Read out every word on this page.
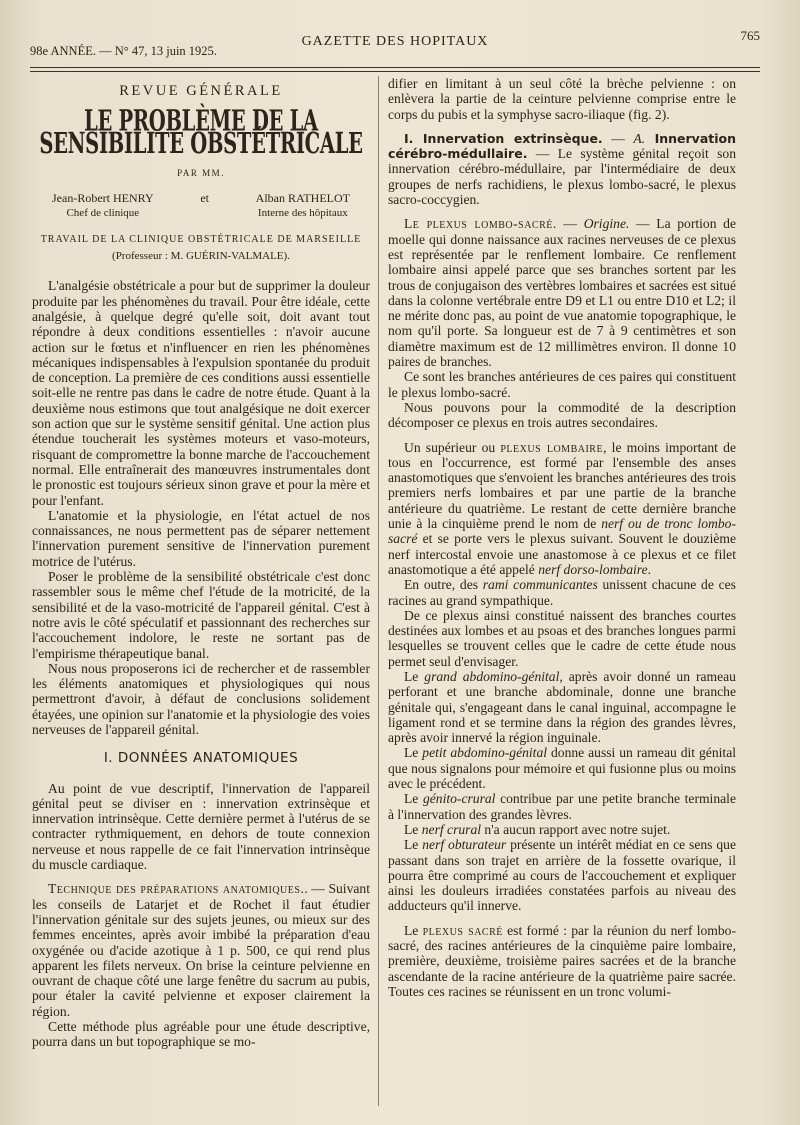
98e ANNÉE. — N° 47, 13 juin 1925.
GAZETTE DES HOPITAUX	765
REVUE GÉNÉRALE
LE PROBLÈME DE LA SENSIBILITÉ OBSTÉTRICALE
PAR MM.
Jean-Robert HENRY
Chef de clinique
et	Alban RATHELOT
Interne des hôpitaux
TRAVAIL DE LA CLINIQUE OBSTÉTRICALE DE MARSEILLE
(Professeur : M. GUÉRIN-VALMALE).

L'analgésie obstétricale a pour but de supprimer la douleur produite par les phénomènes du travail. Pour être idéale, cette analgésie, à quelque degré qu'elle soit, doit avant tout répondre à deux conditions essentielles : n'avoir aucune action sur le fœtus et n'influencer en rien les phénomènes mécaniques indispensables à l'expulsion spontanée du produit de conception. La première de ces conditions aussi essentielle soit-elle ne rentre pas dans le cadre de notre étude. Quant à la deuxième nous estimons que tout analgésique ne doit exercer son action que sur le système sensitif génital. Une action plus étendue toucherait les systèmes moteurs et vaso-moteurs, risquant de compromettre la bonne marche de l'accouchement normal. Elle entraînerait des manœuvres instrumentales dont le pronostic est toujours sérieux sinon grave et pour la mère et pour l'enfant.

L'anatomie et la physiologie, en l'état actuel de nos connaissances, ne nous permettent pas de séparer nettement l'innervation purement sensitive de l'innervation purement motrice de l'utérus.

Poser le problème de la sensibilité obstétricale c'est donc rassembler sous le même chef l'étude de la motricité, de la sensibilité et de la vaso-motricité de l'appareil génital. C'est à notre avis le côté spéculatif et passionnant des recherches sur l'accouchement indolore, le reste ne sortant pas de l'empirisme thérapeutique banal.

Nous nous proposerons ici de rechercher et de rassembler les éléments anatomiques et physiologiques qui nous permettront d'avoir, à défaut de conclusions solidement étayées, une opinion sur l'anatomie et la physiologie des voies nerveuses de l'appareil génital.

I. DONNÉES ANATOMIQUES

Au point de vue descriptif, l'innervation de l'appareil génital peut se diviser en : innervation extrinsèque et innervation intrinsèque. Cette dernière permet à l'utérus de se contracter rythmiquement, en dehors de toute connexion nerveuse et nous rappelle de ce fait l'innervation intrinsèque du muscle cardiaque.

Technique des préparations anatomiques.. — Suivant les conseils de Latarjet et de Rochet il faut étudier l'innervation génitale sur des sujets jeunes, ou mieux sur des femmes enceintes, après avoir imbibé la préparation d'eau oxygénée ou d'acide azotique à 1 p. 500, ce qui rend plus apparent les filets nerveux. On brise la ceinture pelvienne en ouvrant de chaque côté une large fenêtre du sacrum au pubis, pour étaler la cavité pelvienne et exposer clairement la région.

Cette méthode plus agréable pour une étude descriptive, pourra dans un but topographique se mo-

difier en limitant à un seul côté la brèche pelvienne : on enlèvera la partie de la ceinture pelvienne comprise entre le corps du pubis et la symphyse sacro-iliaque (fig. 2).

I. Innervation extrinsèque. — A. Innervation cérébro-médullaire. — Le système génital reçoit son innervation cérébro-médullaire, par l'intermédiaire de deux groupes de nerfs rachidiens, le plexus lombo-sacré, le plexus sacro-coccygien.

Le plexus lombo-sacré. — Origine. — La portion de moelle qui donne naissance aux racines nerveuses de ce plexus est représentée par le renflement lombaire. Ce renflement lombaire ainsi appelé parce que ses branches sortent par les trous de conjugaison des vertèbres lombaires et sacrées est situé dans la colonne vertébrale entre D9 et L1 ou entre D10 et L2; il ne mérite donc pas, au point de vue anatomie topographique, le nom qu'il porte. Sa longueur est de 7 à 9 centimètres et son diamètre maximum est de 12 millimètres environ. Il donne 10 paires de branches.

Ce sont les branches antérieures de ces paires qui constituent le plexus lombo-sacré.

Nous pouvons pour la commodité de la description décomposer ce plexus en trois autres secondaires.

Un supérieur ou plexus lombaire, le moins important de tous en l'occurrence, est formé par l'ensemble des anses anastomotiques que s'envoient les branches antérieures des trois premiers nerfs lombaires et par une partie de la branche antérieure du quatrième. Le restant de cette dernière branche unie à la cinquième prend le nom de nerf ou de tronc lombo-sacré et se porte vers le plexus suivant. Souvent le douzième nerf intercostal envoie une anastomose à ce plexus et ce filet anastomotique a été appelé nerf dorso-lombaire.

En outre, des rami communicantes unissent chacune de ces racines au grand sympathique.

De ce plexus ainsi constitué naissent des branches courtes destinées aux lombes et au psoas et des branches longues parmi lesquelles se trouvent celles que le cadre de cette étude nous permet seul d'envisager.

Le grand abdomino-génital, après avoir donné un rameau perforant et une branche abdominale, donne une branche génitale qui, s'engageant dans le canal inguinal, accompagne le ligament rond et se termine dans la région des grandes lèvres, après avoir innervé la région inguinale.

Le petit abdomino-génital donne aussi un rameau dit génital que nous signalons pour mémoire et qui fusionne plus ou moins avec le précédent.

Le génito-crural contribue par une petite branche terminale à l'innervation des grandes lèvres.

Le nerf crural n'a aucun rapport avec notre sujet.

Le nerf obturateur présente un intérêt médiat en ce sens que passant dans son trajet en arrière de la fossette ovarique, il pourra être comprimé au cours de l'accouchement et expliquer ainsi les douleurs irradiées constatées parfois au niveau des adducteurs qu'il innerve.

Le plexus sacré est formé : par la réunion du nerf lombo-sacré, des racines antérieures de la cinquième paire lombaire, première, deuxième, troisième paires sacrées et de la branche ascendante de la racine antérieure de la quatrième paire sacrée. Toutes ces racines se réunissent en un tronc volumi-
